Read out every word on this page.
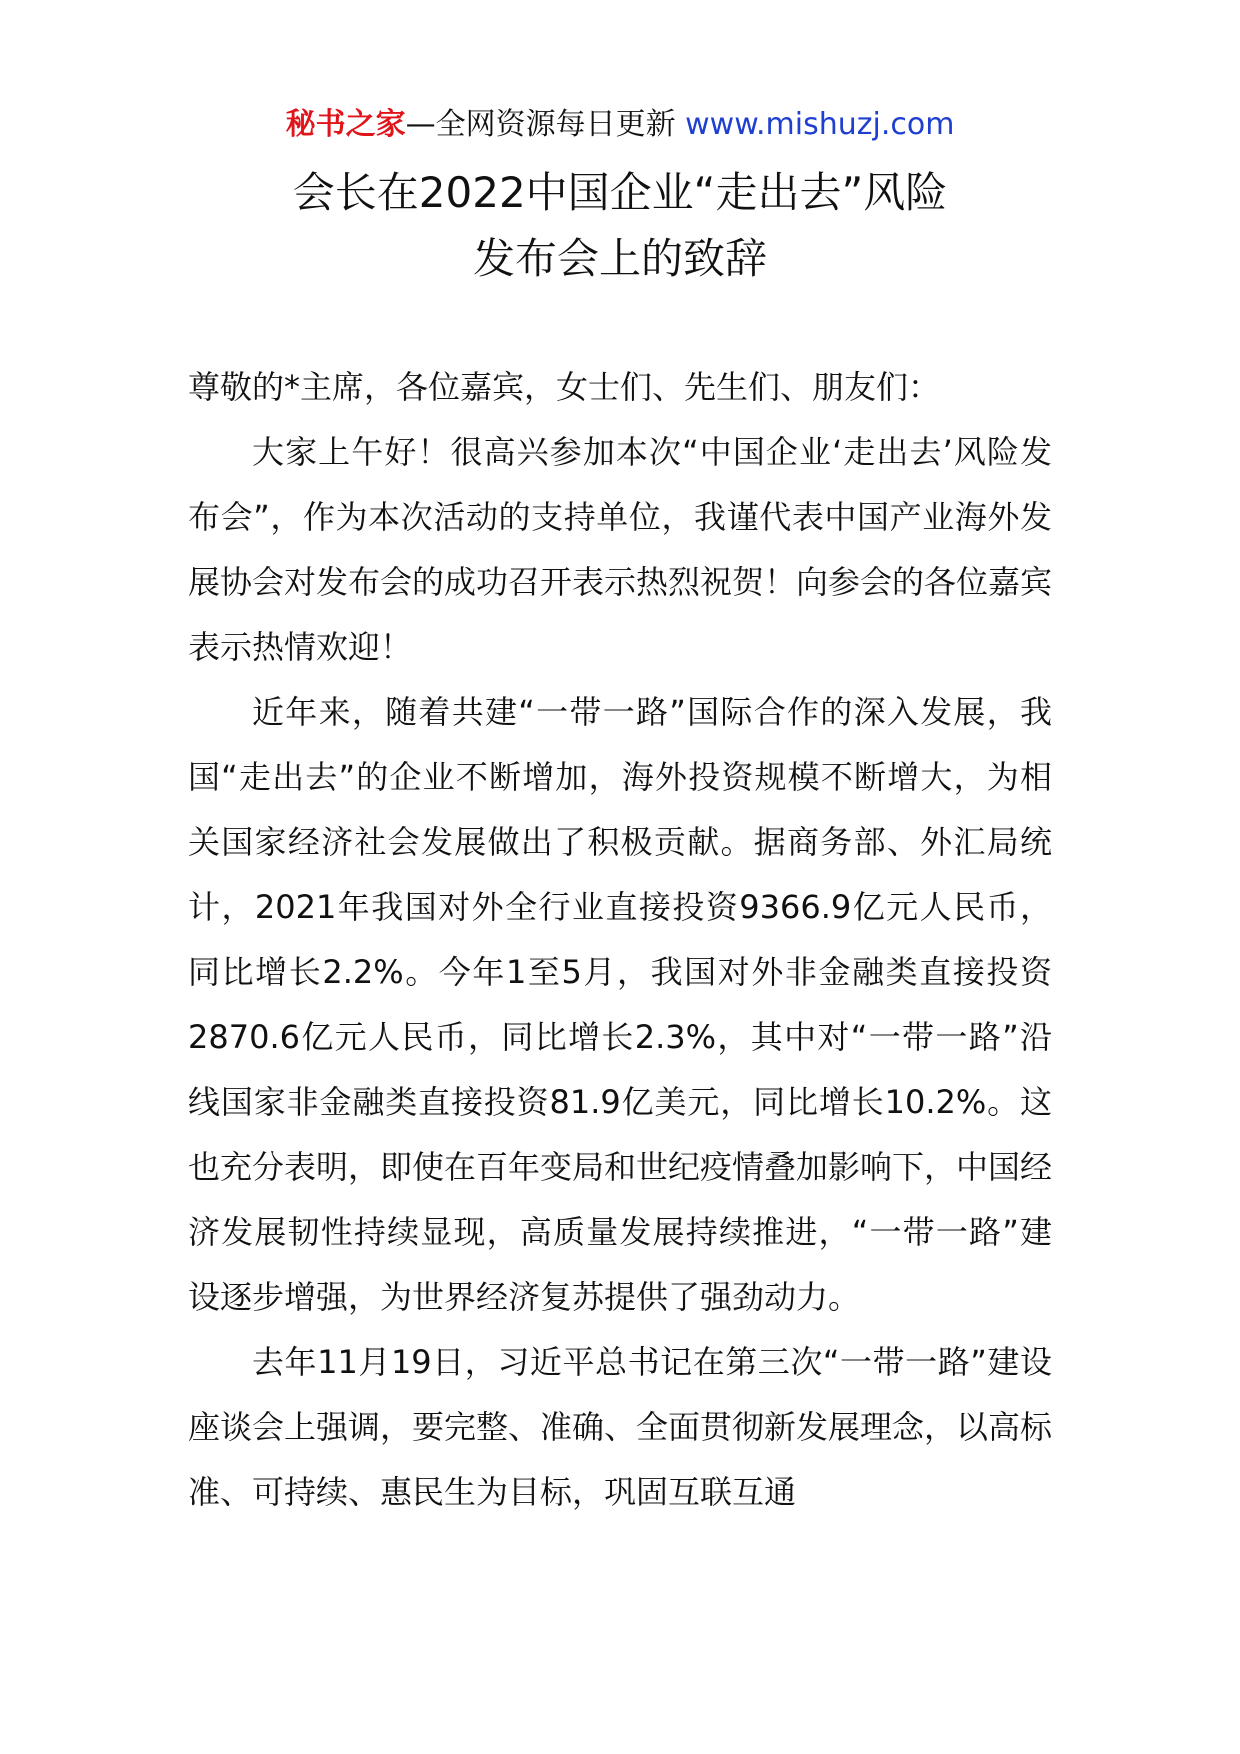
秘书之家—全网资源每日更新 www.mishuzj.com
会长在2022中国企业“走出去”风险
发布会上的致辞

尊敬的*主席，各位嘉宾，女士们、先生们、朋友们：

大家上午好！很高兴参加本次“中国企业‘走出去’风险发布会”，作为本次活动的支持单位，我谨代表中国产业海外发展协会对发布会的成功召开表示热烈祝贺！向参会的各位嘉宾表示热情欢迎！

近年来，随着共建“一带一路”国际合作的深入发展，我国“走出去”的企业不断增加，海外投资规模不断增大，为相关国家经济社会发展做出了积极贡献。据商务部、外汇局统计，2021年我国对外全行业直接投资9366.9亿元人民币，同比增长2.2%。今年1至5月，我国对外非金融类直接投资2870.6亿元人民币，同比增长2.3%，其中对“一带一路”沿线国家非金融类直接投资81.9亿美元，同比增长10.2%。这也充分表明，即使在百年变局和世纪疫情叠加影响下，中国经济发展韧性持续显现，高质量发展持续推进，“一带一路”建设逐步增强，为世界经济复苏提供了强劲动力。

去年11月19日，习近平总书记在第三次“一带一路”建设座谈会上强调，要完整、准确、全面贯彻新发展理念，以高标准、可持续、惠民生为目标，巩固互联互通
